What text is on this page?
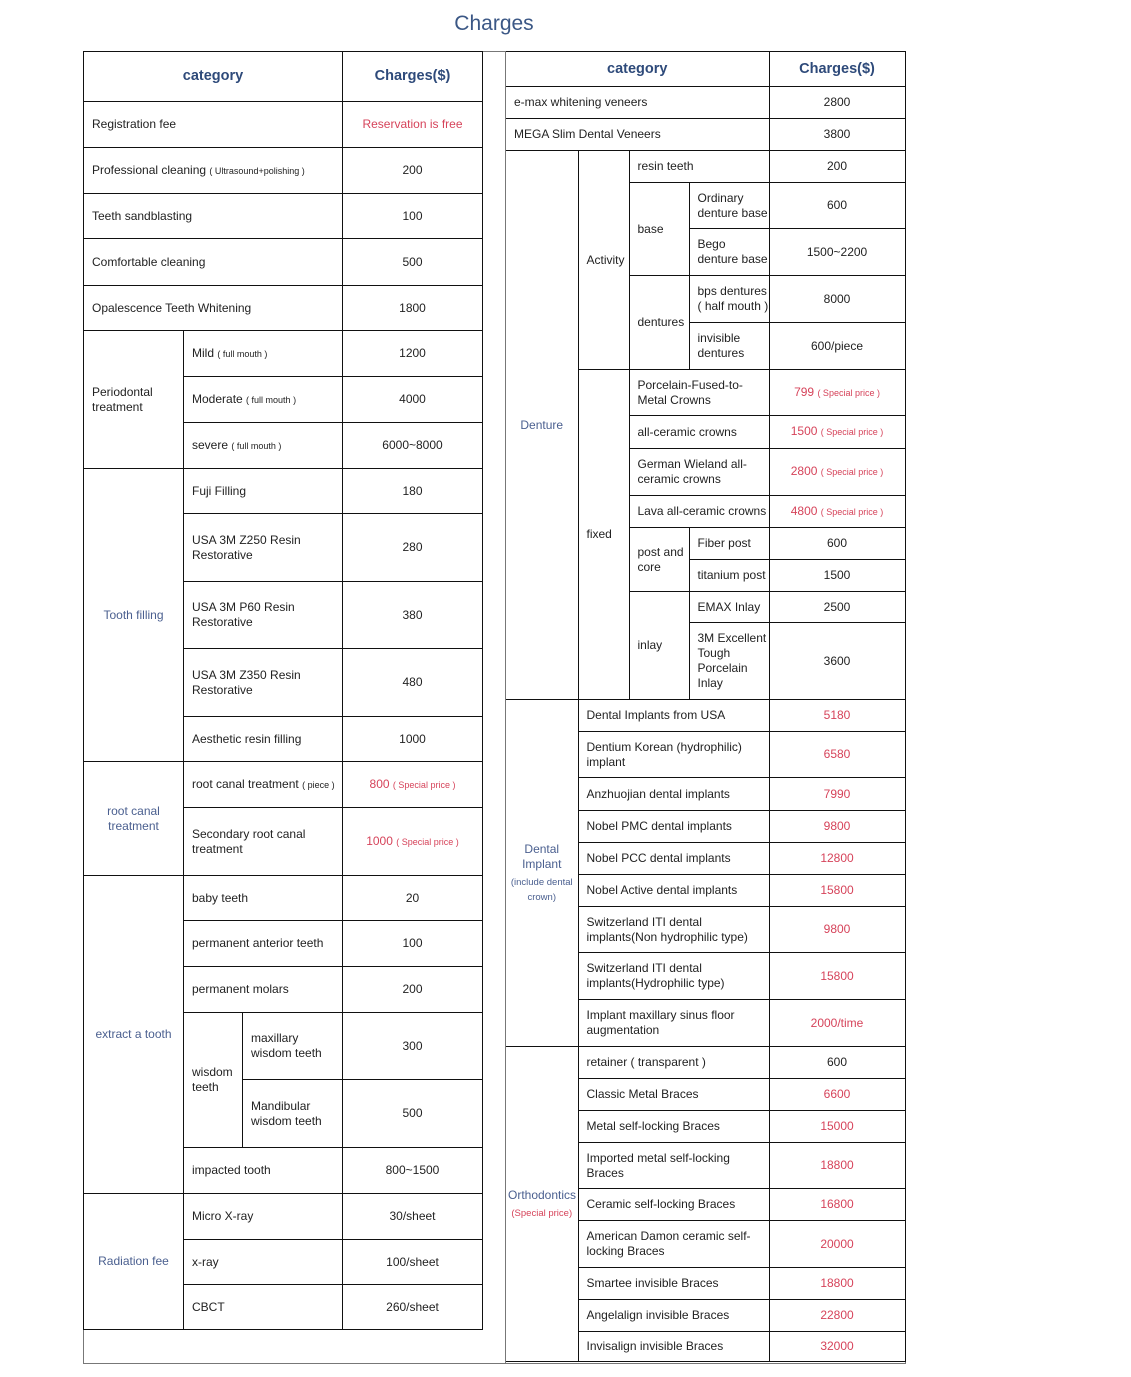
Charges
category			Charges($)
Registration fee			Reservation is free
Professional cleaning ( Ultrasound+polishing )			200
Teeth sandblasting			100
Comfortable cleaning			500
Opalescence Teeth Whitening			1800
Periodontal treatment	Mild ( full mouth )		1200
	Moderate ( full mouth )		4000
	severe ( full mouth )		6000~8000
Tooth filling	Fuji Filling		180
	USA 3M Z250 Resin Restorative		280
	USA 3M P60 Resin Restorative		380
	USA 3M Z350 Resin Restorative		480
	Aesthetic resin filling		1000
root canal treatment	root canal treatment ( piece )		800 ( Special price )
	Secondary root canal treatment		1000 ( Special price )
extract a tooth	baby teeth		20
	permanent anterior teeth		100
	permanent molars		200
	wisdom teeth	maxillary wisdom teeth	300
		Mandibular wisdom teeth	500
	impacted tooth		800~1500
Radiation fee	Micro X-ray		30/sheet
	x-ray		100/sheet
	CBCT		260/sheet
category				Charges($)
e-max whitening veneers				2800
MEGA Slim Dental Veneers				3800
Denture	Activity	resin teeth		200
		base	Ordinary denture base	600
			Bego denture base	1500~2200
		dentures	bps dentures ( half mouth )	8000
			invisible dentures	600/piece
	fixed	Porcelain-Fused-to-Metal Crowns		799 ( Special price )
		all-ceramic crowns		1500 ( Special price )
		German Wieland all-ceramic crowns		2800 ( Special price )
		Lava all-ceramic crowns		4800 ( Special price )
		post and core	Fiber post	600
			titanium post	1500
		inlay	EMAX Inlay	2500
			3M Excellent Tough Porcelain Inlay	3600
Dental Implant
(include dental crown)	Dental Implants from USA			5180
	Dentium Korean (hydrophilic) implant			6580
	Anzhuojian dental implants			7990
	Nobel PMC dental implants			9800
	Nobel PCC dental implants			12800
	Nobel Active dental implants			15800
	Switzerland ITI dental implants(Non hydrophilic type)			9800
	Switzerland ITI dental implants(Hydrophilic type)			15800
	Implant maxillary sinus floor augmentation			2000/time
Orthodontics
(Special price)	retainer ( transparent )			600
	Classic Metal Braces			6600
	Metal self-locking Braces			15000
	Imported metal self-locking Braces			18800
	Ceramic self-locking Braces			16800
	American Damon ceramic self-locking Braces			20000
	Smartee invisible Braces			18800
	Angelalign invisible Braces			22800
	Invisalign invisible Braces			32000
